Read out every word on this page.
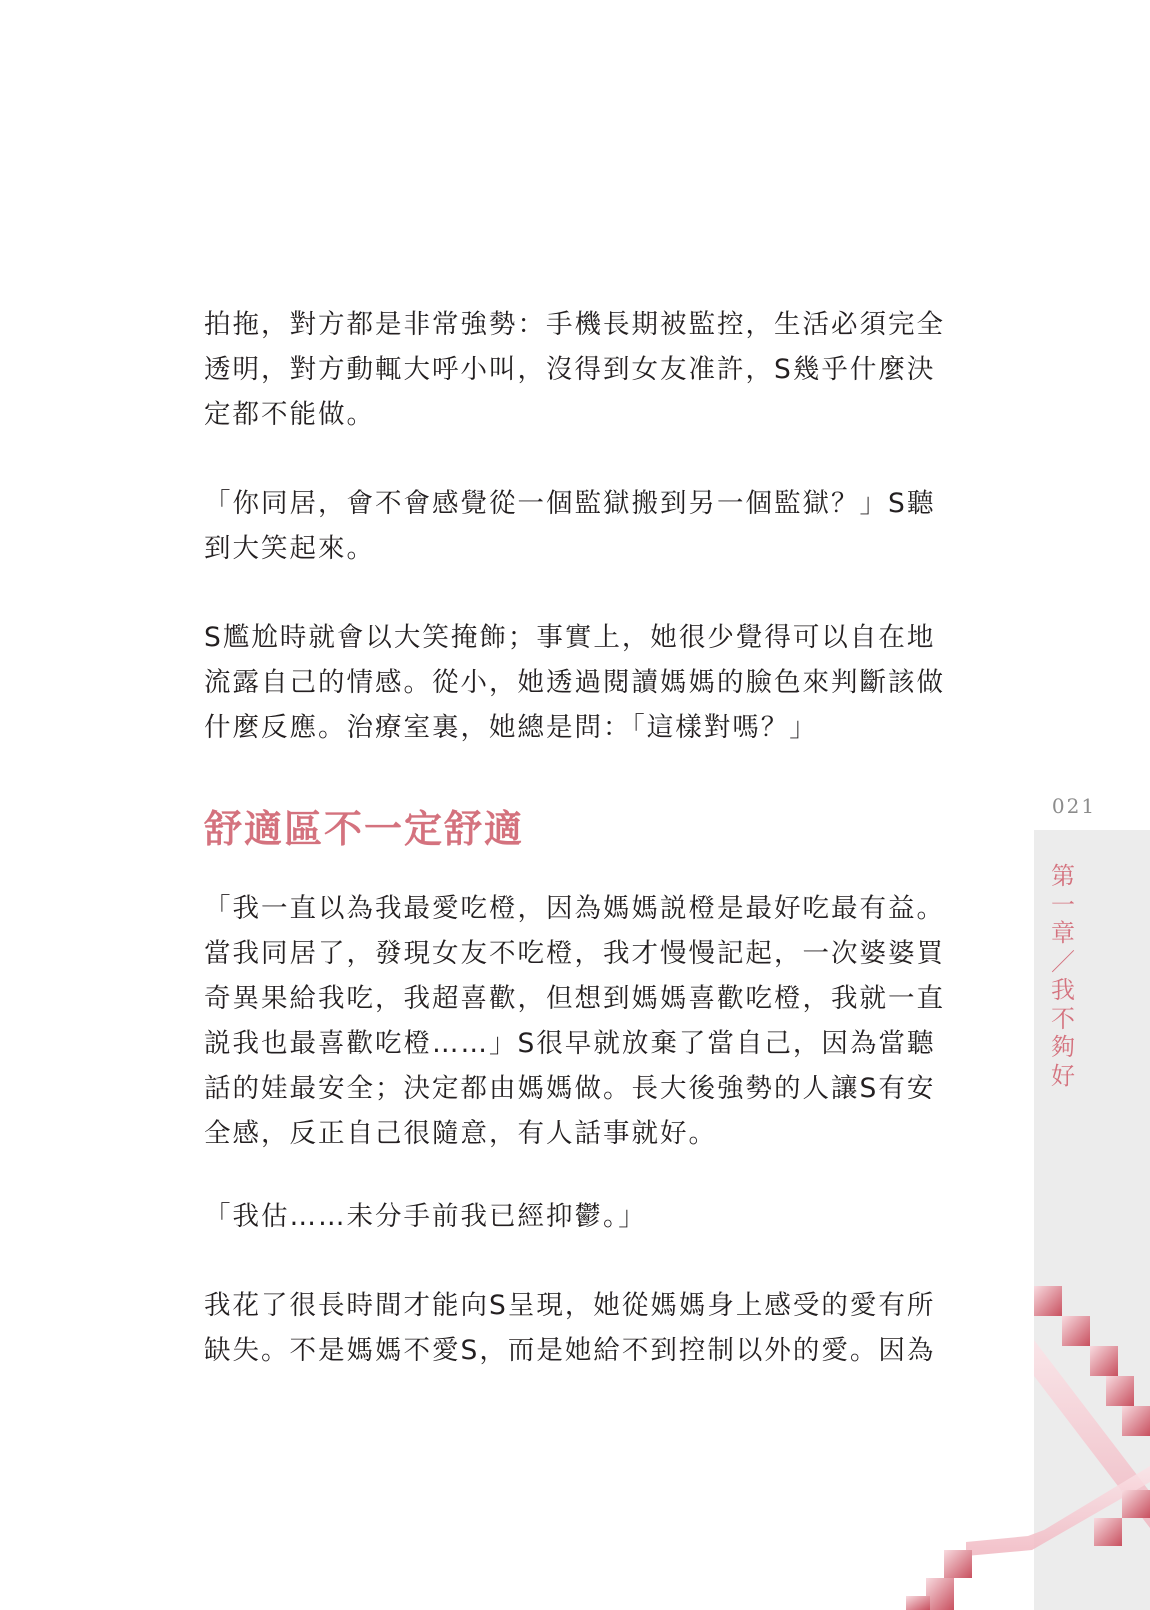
拍拖，對方都是非常強勢：手機長期被監控，生活必須完全
透明，對方動輒大呼小叫，沒得到女友准許，S幾乎什麼決
定都不能做。

「你同居，會不會感覺從一個監獄搬到另一個監獄？」S聽
到大笑起來。

S尷尬時就會以大笑掩飾；事實上，她很少覺得可以自在地
流露自己的情感。從小，她透過閱讀媽媽的臉色來判斷該做
什麼反應。治療室裏，她總是問：「這樣對嗎？」

舒適區不一定舒適

「我一直以為我最愛吃橙，因為媽媽説橙是最好吃最有益。
當我同居了，發現女友不吃橙，我才慢慢記起，一次婆婆買
奇異果給我吃，我超喜歡，但想到媽媽喜歡吃橙，我就一直
説我也最喜歡吃橙……」S很早就放棄了當自己，因為當聽
話的娃最安全；決定都由媽媽做。長大後強勢的人讓S有安
全感，反正自己很隨意，有人話事就好。

「我估……未分手前我已經抑鬱。」

我花了很長時間才能向S呈現，她從媽媽身上感受的愛有所
缺失。不是媽媽不愛S，而是她給不到控制以外的愛。因為

021

第一章／我不夠好
